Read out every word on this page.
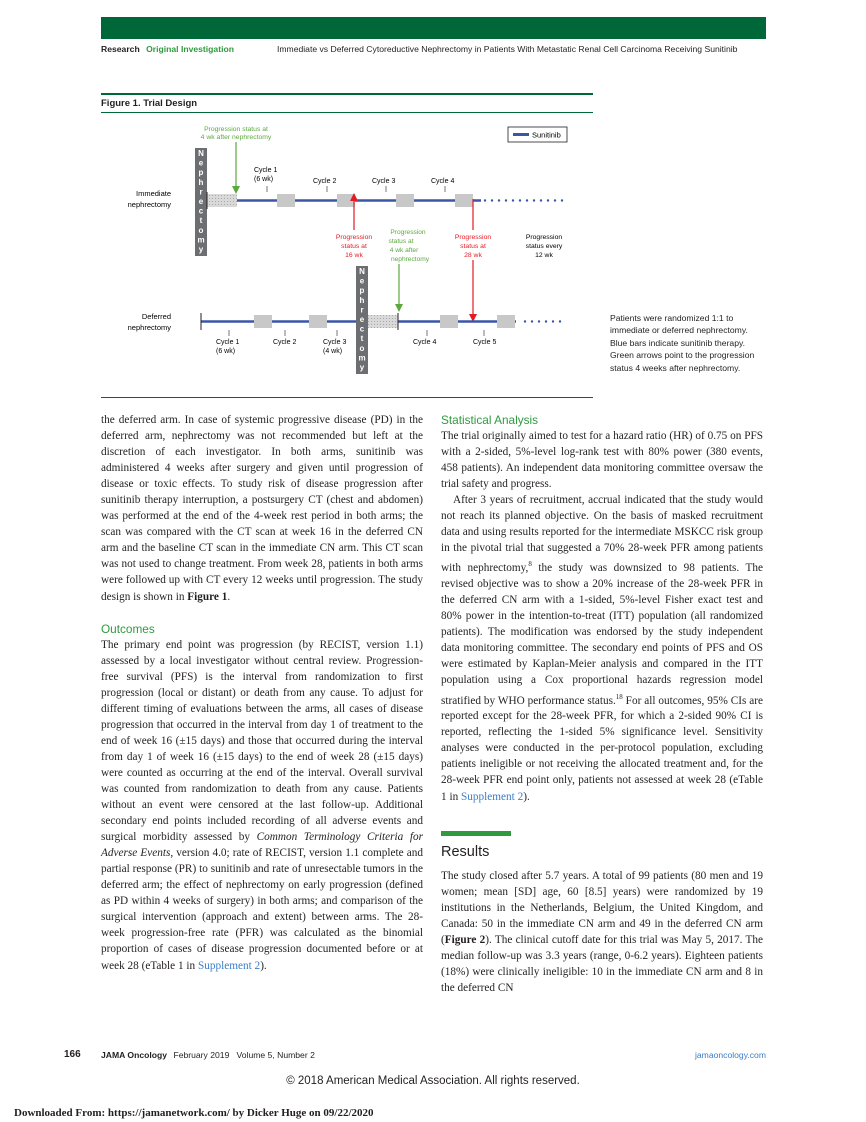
Research Original Investigation	Immediate vs Deferred Cytoreductive Nephrectomy in Patients With Metastatic Renal Cell Carcinoma Receiving Sunitinib
Figure 1. Trial Design
Sunitinib
Progression status at
4 wk after nephrectomy
N
e
p
h
r
e
c
t
o
m
y
Immediate
nephrectomy
Cycle 1
(6 wk)	Cycle 2	Cycle 3	Cycle 4
Progression
status at
16 wk
Progression
status at
4 wk after
nephrectomy
Progression
status at
28 wk
Progression
status every
12 wk
N
e
p
h
r
e
c
t
o
m
y
Deferred
nephrectomy
Cycle 1
(6 wk)
Cycle 2	Cycle 3
(4 wk)
Cycle 4	Cycle 5
Patients were randomized 1:1 to immediate or deferred nephrectomy. Blue bars indicate sunitinib therapy. Green arrows point to the progression status 4 weeks after nephrectomy.

the deferred arm. In case of systemic progressive disease (PD) in the deferred arm, nephrectomy was not recommended but left at the discretion of each investigator. In both arms, sunitinib was administered 4 weeks after surgery and given until progression of disease or toxic effects. To study risk of disease progression after sunitinib therapy interruption, a postsurgery CT (chest and abdomen) was performed at the end of the 4-week rest period in both arms; the scan was compared with the CT scan at week 16 in the deferred CN arm and the baseline CT scan in the immediate CN arm. This CT scan was not used to change treatment. From week 28, patients in both arms were followed up with CT every 12 weeks until progression. The study design is shown in Figure 1.

Outcomes

The primary end point was progression (by RECIST, version 1.1) assessed by a local investigator without central review. Progression-free survival (PFS) is the interval from randomization to first progression (local or distant) or death from any cause. To adjust for different timing of evaluations between the arms, all cases of disease progression that occurred in the interval from day 1 of treatment to the end of week 16 (±15 days) and those that occurred during the interval from day 1 of week 16 (±15 days) to the end of week 28 (±15 days) were counted as occurring at the end of the interval. Overall survival was counted from randomization to death from any cause. Patients without an event were censored at the last follow-up. Additional secondary end points included recording of all adverse events and surgical morbidity assessed by Common Terminology Criteria for Adverse Events, version 4.0; rate of RECIST, version 1.1 complete and partial response (PR) to sunitinib and rate of unresectable tumors in the deferred arm; the effect of nephrectomy on early progression (defined as PD within 4 weeks of surgery) in both arms; and comparison of the surgical intervention (approach and extent) between arms. The 28-week progression-free rate (PFR) was calculated as the binomial proportion of cases of disease progression documented before or at week 28 (eTable 1 in Supplement 2).

Statistical Analysis

The trial originally aimed to test for a hazard ratio (HR) of 0.75 on PFS with a 2-sided, 5%-level log-rank test with 80% power (380 events, 458 patients). An independent data monitoring committee oversaw the trial safety and progress.

After 3 years of recruitment, accrual indicated that the study would not reach its planned objective. On the basis of masked recruitment data and using results reported for the intermediate MSKCC risk group in the pivotal trial that suggested a 70% 28-week PFR among patients with nephrectomy,$^8$ the study was downsized to 98 patients. The revised objective was to show a 20% increase of the 28-week PFR in the deferred CN arm with a 1-sided, 5%-level Fisher exact test and 80% power in the intention-to-treat (ITT) population (all randomized patients). The modification was endorsed by the study independent data monitoring committee. The secondary end points of PFS and OS were estimated by Kaplan-Meier analysis and compared in the ITT population using a Cox proportional hazards regression model stratified by WHO performance status.$^{18}$ For all outcomes, 95% CIs are reported except for the 28-week PFR, for which a 2-sided 90% CI is reported, reflecting the 1-sided 5% significance level. Sensitivity analyses were conducted in the per-protocol population, excluding patients ineligible or not receiving the allocated treatment and, for the 28-week PFR end point only, patients not assessed at week 28 (eTable 1 in Supplement 2).

Results

The study closed after 5.7 years. A total of 99 patients (80 men and 19 women; mean [SD] age, 60 [8.5] years) were randomized by 19 institutions in the Netherlands, Belgium, the United Kingdom, and Canada: 50 in the immediate CN arm and 49 in the deferred CN arm (Figure 2). The clinical cutoff date for this trial was May 5, 2017. The median follow-up was 3.3 years (range, 0-6.2 years). Eighteen patients (18%) were clinically ineligible: 10 in the immediate CN arm and 8 in the deferred CN

166 JAMA Oncology February 2019   Volume 5, Number 2	jamaoncology.com
© 2018 American Medical Association. All rights reserved.
Downloaded From: https://jamanetwork.com/ by Dicker Huge on 09/22/2020
